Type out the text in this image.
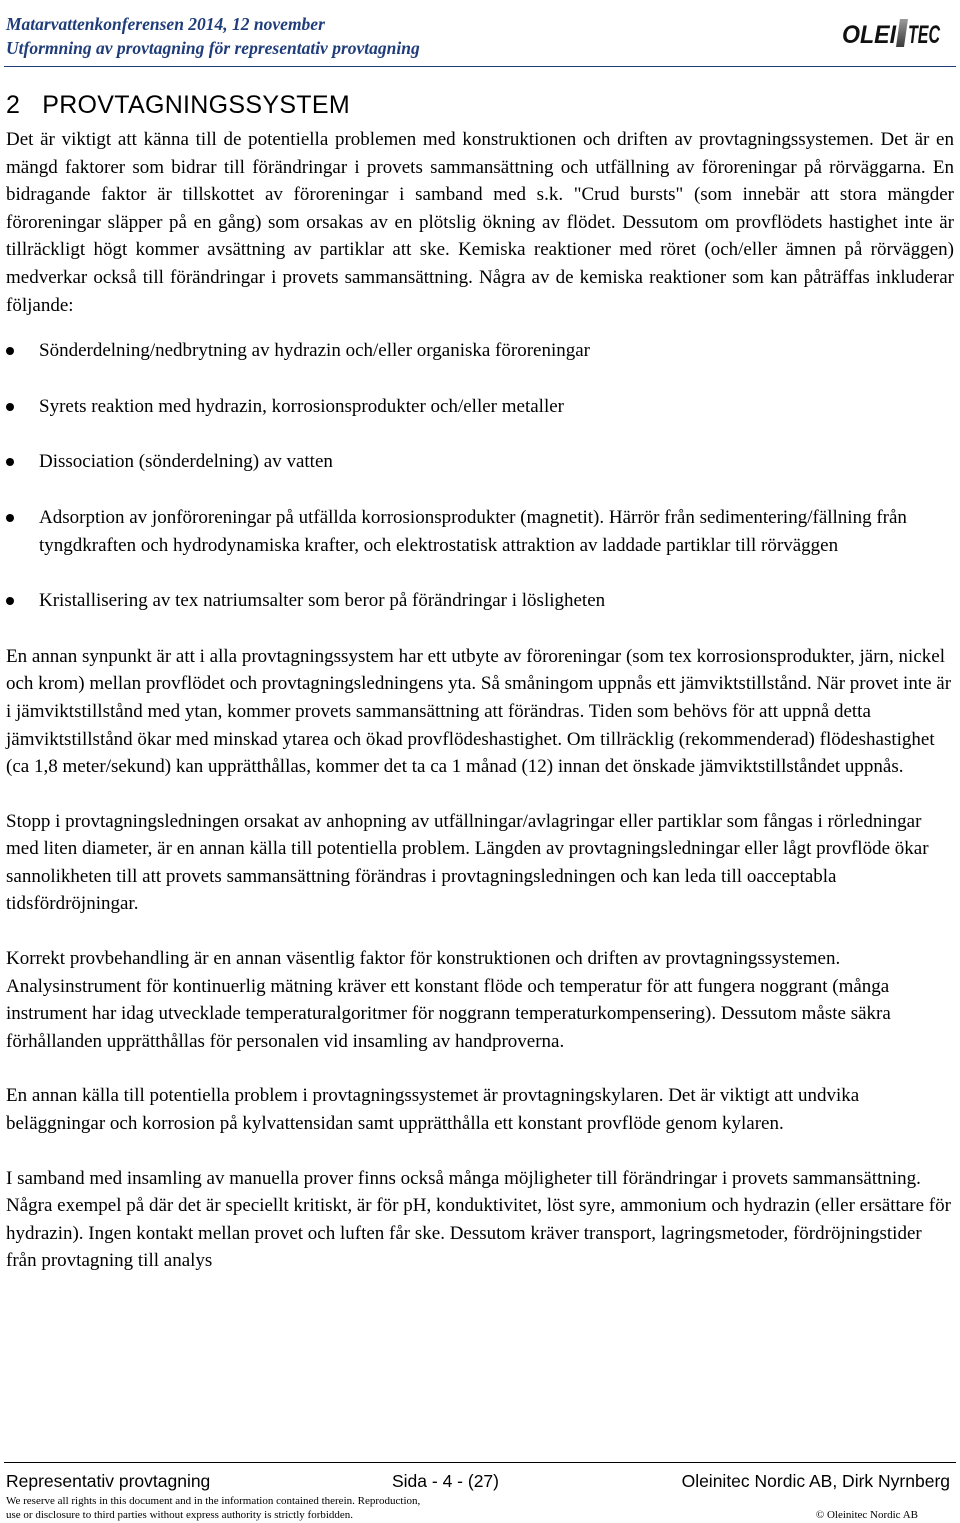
Matarvattenkonferensen 2014, 12 november
Utformning av provtagning för representativ provtagning	OLEI TEC
2 PROVTAGNINGSSYSTEM

Det är viktigt att känna till de potentiella problemen med konstruktionen och driften av provtagningssystemen. Det är en mängd faktorer som bidrar till förändringar i provets sammansättning och utfällning av föroreningar på rörväggarna. En bidragande faktor är tillskottet av föroreningar i samband med s.k. "Crud bursts" (som innebär att stora mängder föroreningar släpper på en gång) som orsakas av en plötslig ökning av flödet. Dessutom om provflödets hastighet inte är tillräckligt högt kommer avsättning av partiklar att ske. Kemiska reaktioner med röret (och/eller ämnen på rörväggen) medverkar också till förändringar i provets sammansättning. Några av de kemiska reaktioner som kan påträffas inkluderar följande:

Sönderdelning/nedbrytning av hydrazin och/eller organiska föroreningar
Syrets reaktion med hydrazin, korrosionsprodukter och/eller metaller
Dissociation (sönderdelning) av vatten
Adsorption av jonföroreningar på utfällda korrosionsprodukter (magnetit). Härrör från sedimentering/fällning från tyngdkraften och hydrodynamiska krafter, och elektrostatisk attraktion av laddade partiklar till rörväggen
Kristallisering av tex natriumsalter som beror på förändringar i lösligheten

En annan synpunkt är att i alla provtagningssystem har ett utbyte av föroreningar (som tex korrosionsprodukter, järn, nickel och krom) mellan provflödet och provtagningsledningens yta. Så småningom uppnås ett jämviktstillstånd. När provet inte är i jämviktstillstånd med ytan, kommer provets sammansättning att förändras. Tiden som behövs för att uppnå detta jämviktstillstånd ökar med minskad ytarea och ökad provflödeshastighet. Om tillräcklig (rekommenderad) flödeshastighet (ca 1,8 meter/sekund) kan upprätthållas, kommer det ta ca 1 månad (12) innan det önskade jämviktstillståndet uppnås.

Stopp i provtagningsledningen orsakat av anhopning av utfällningar/avlagringar eller partiklar som fångas i rörledningar med liten diameter, är en annan källa till potentiella problem. Längden av provtagningsledningar eller lågt provflöde ökar sannolikheten till att provets sammansättning förändras i provtagningsledningen och kan leda till oacceptabla tidsfördröjningar.

Korrekt provbehandling är en annan väsentlig faktor för konstruktionen och driften av provtagningssystemen. Analysinstrument för kontinuerlig mätning kräver ett konstant flöde och temperatur för att fungera noggrant (många instrument har idag utvecklade temperaturalgoritmer för noggrann temperaturkompensering). Dessutom måste säkra förhållanden upprätthållas för personalen vid insamling av handproverna.

En annan källa till potentiella problem i provtagningssystemet är provtagningskylaren. Det är viktigt att undvika beläggningar och korrosion på kylvattensidan samt upprätthålla ett konstant provflöde genom kylaren.

I samband med insamling av manuella prover finns också många möjligheter till förändringar i provets sammansättning. Några exempel på där det är speciellt kritiskt, är för pH, konduktivitet, löst syre, ammonium och hydrazin (eller ersättare för hydrazin). Ingen kontakt mellan provet och luften får ske. Dessutom kräver transport, lagringsmetoder, fördröjningstider från provtagning till analys

Representativ provtagning	Sida - 4 - (27)	Oleinitec Nordic AB, Dirk Nyrnberg
We reserve all rights in this document and in the information contained therein. Reproduction,
use or disclosure to third parties without express authority is strictly forbidden.	© Oleinitec Nordic AB
